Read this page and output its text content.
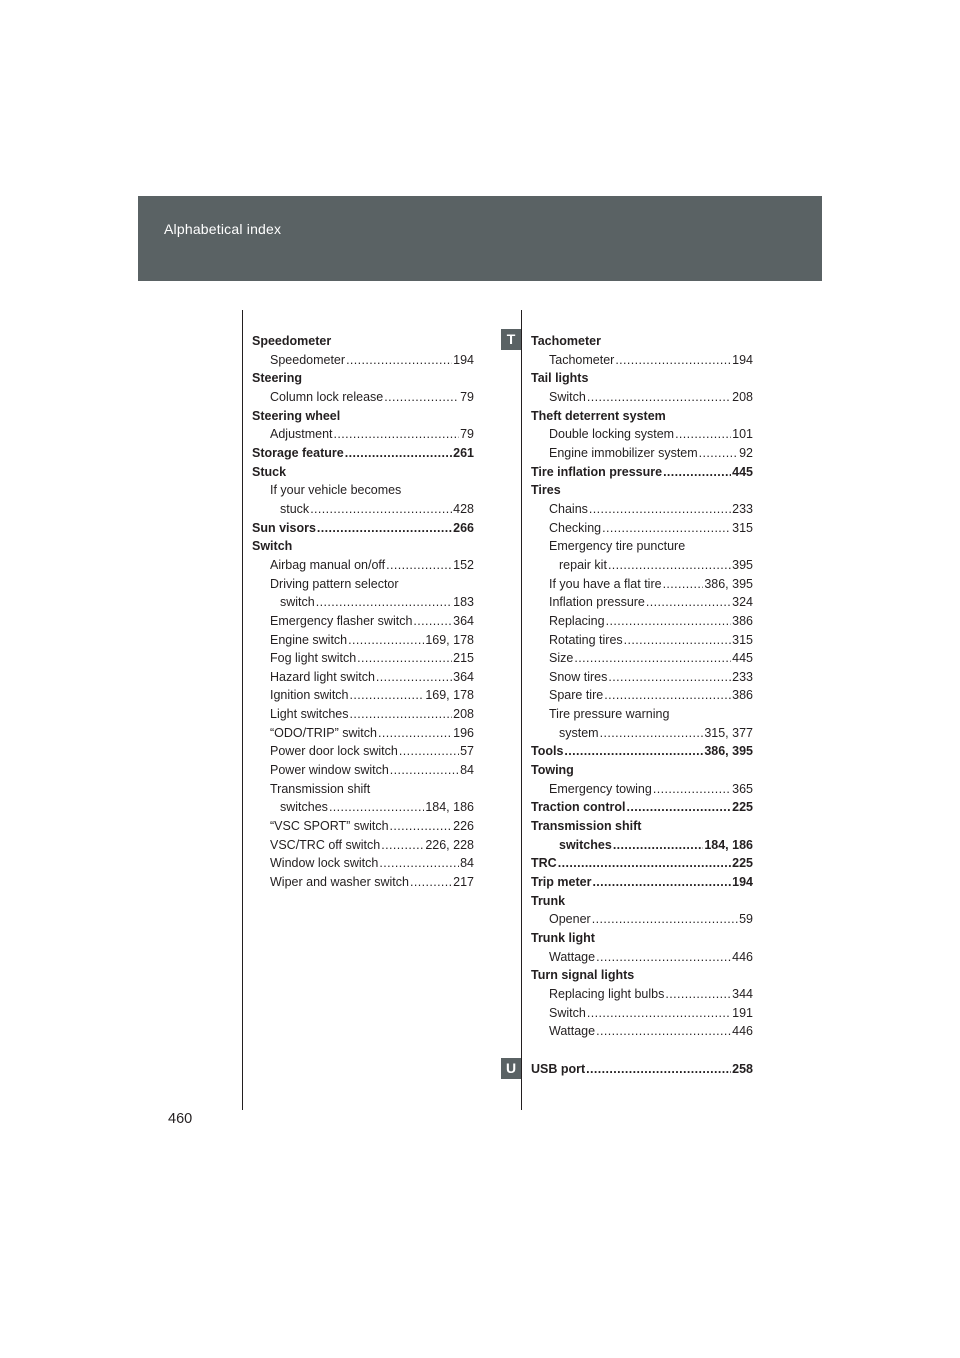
Alphabetical index
T
U
Speedometer
Speedometer .....	194
Steering
Column lock release .....	79
Steering wheel
Adjustment .....	79
Storage feature .....	261
Stuck
If your vehicle becomes
stuck .....	428
Sun visors .....	266
Switch
Airbag manual on/off .....	152
Driving pattern selector
switch .....	183
Emergency flasher switch .....	364
Engine switch .....	169, 178
Fog light switch .....	215
Hazard light switch .....	364
Ignition switch .....	169, 178
Light switches .....	208
“ODO/TRIP” switch .....	196
Power door lock switch .....	57
Power window switch .....	84
Transmission shift
switches .....	184, 186
“VSC SPORT” switch .....	226
VSC/TRC off switch .....	226, 228
Window lock switch .....	84
Wiper and washer switch .....	217
Tachometer
Tachometer .....	194
Tail lights
Switch .....	208
Theft deterrent system
Double locking system .....	101
Engine immobilizer system .....	92
Tire inflation pressure .....	445
Tires
Chains .....	233
Checking .....	315
Emergency tire puncture
repair kit .....	395
If you have a flat tire .....	386, 395
Inflation pressure .....	324
Replacing .....	386
Rotating tires .....	315
Size .....	445
Snow tires .....	233
Spare tire .....	386
Tire pressure warning
system .....	315, 377
Tools .....	386, 395
Towing
Emergency towing .....	365
Traction control .....	225
Transmission shift
switches .....	184, 186
TRC .....	225
Trip meter .....	194
Trunk
Opener .....	59
Trunk light
Wattage .....	446
Turn signal lights
Replacing light bulbs .....	344
Switch .....	191
Wattage .....	446
USB port .....	258
460
